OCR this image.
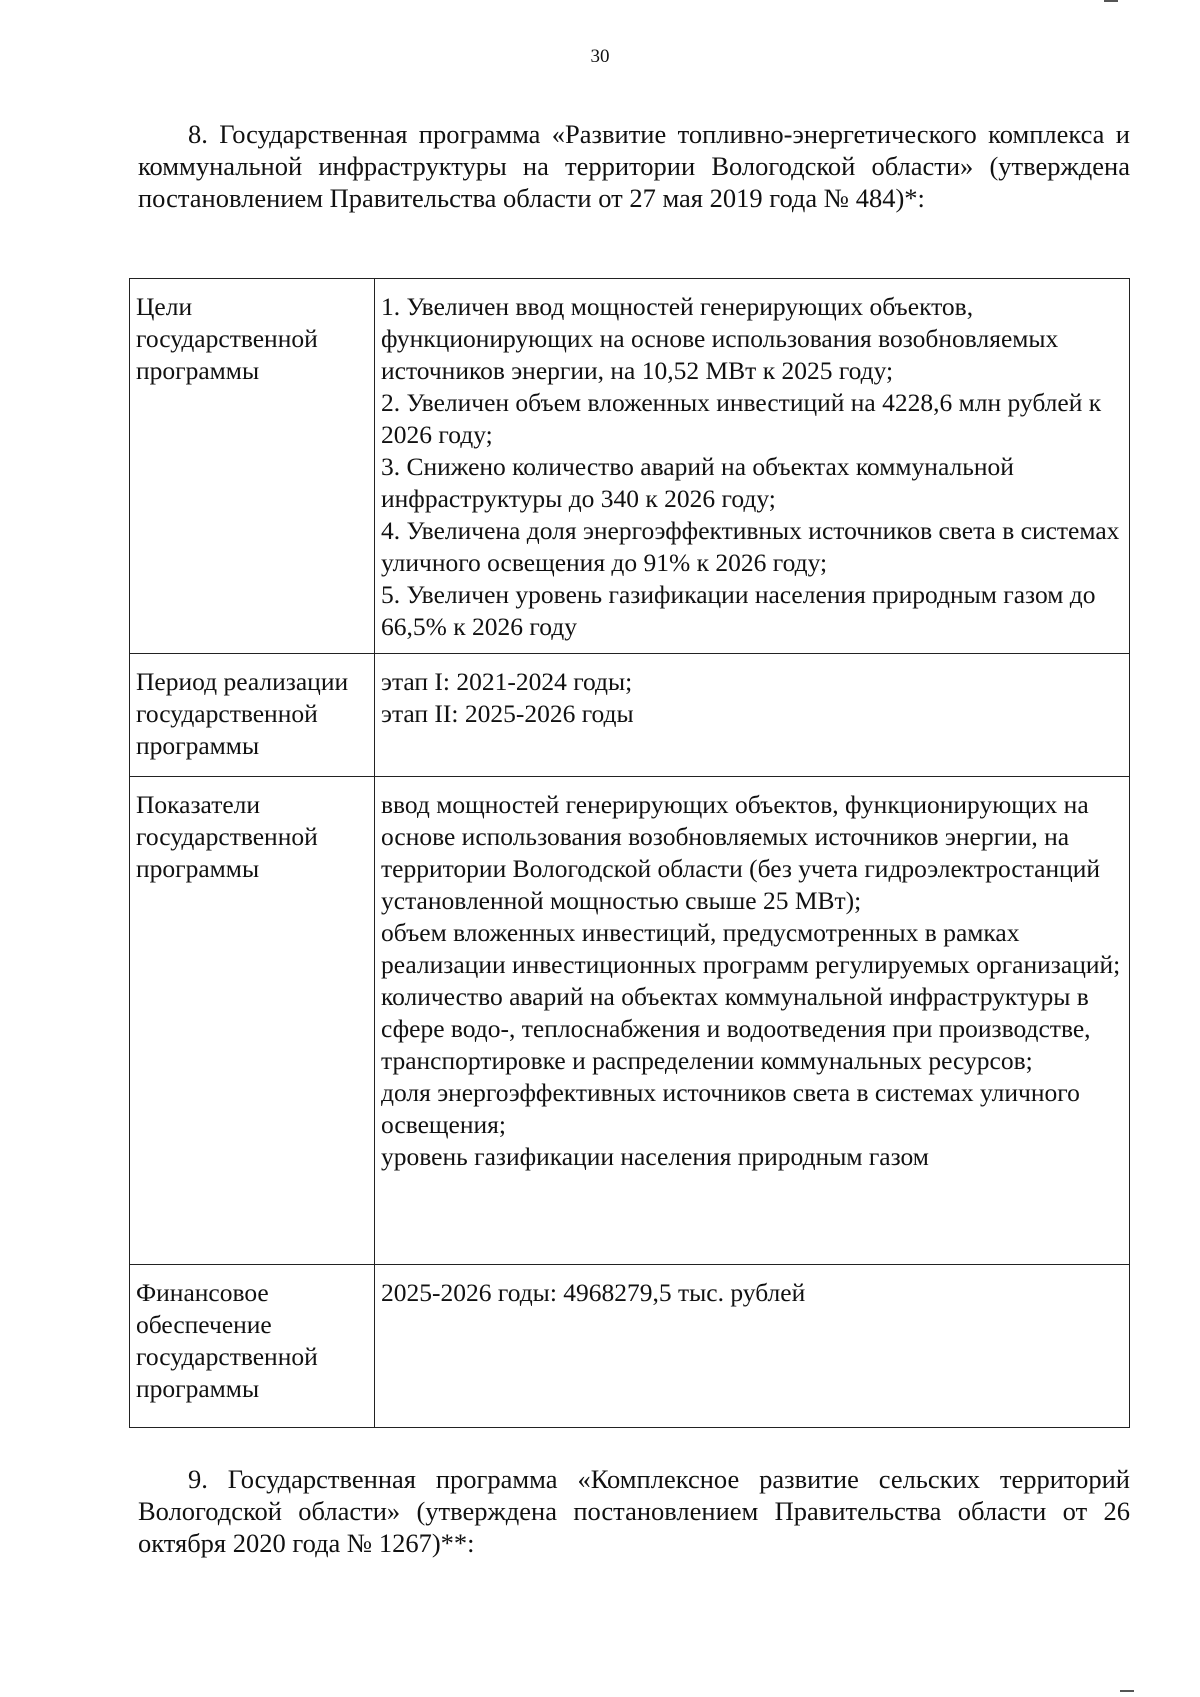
30

8. Государственная программа «Развитие топливно-энергетического комплекса и коммунальной инфраструктуры на территории Вологодской области» (утверждена постановлением Правительства области от 27 мая 2019 года № 484)*:

Цели государственной программы	1. Увеличен ввод мощностей генерирующих объектов, функционирующих на основе использования возобновляемых источников энергии, на 10,52 МВт к 2025 году;
2. Увеличен объем вложенных инвестиций на 4228,6 млн рублей к 2026 году;
3. Снижено количество аварий на объектах коммунальной инфраструктуры до 340 к 2026 году;
4. Увеличена доля энергоэффективных источников света в системах уличного освещения до 91% к 2026 году;
5. Увеличен уровень газификации населения природным газом до 66,5% к 2026 году

Период реализации государственной программы	этап I: 2021-2024 годы;
этап II: 2025-2026 годы

Показатели государственной программы	ввод мощностей генерирующих объектов, функционирующих на основе использования возобновляемых источников энергии, на территории Вологодской области (без учета гидроэлектростанций установленной мощностью свыше 25 МВт);
объем вложенных инвестиций, предусмотренных в рамках реализации инвестиционных программ регулируемых организаций;
количество аварий на объектах коммунальной инфраструктуры в сфере водо-, теплоснабжения и водоотведения при производстве, транспортировке и распределении коммунальных ресурсов;
доля энергоэффективных источников света в системах уличного освещения;
уровень газификации населения природным газом

Финансовое обеспечение государственной программы	2025-2026 годы: 4968279,5 тыс. рублей

9. Государственная программа «Комплексное развитие сельских территорий Вологодской области» (утверждена постановлением Правительства области от 26 октября 2020 года № 1267)**:
